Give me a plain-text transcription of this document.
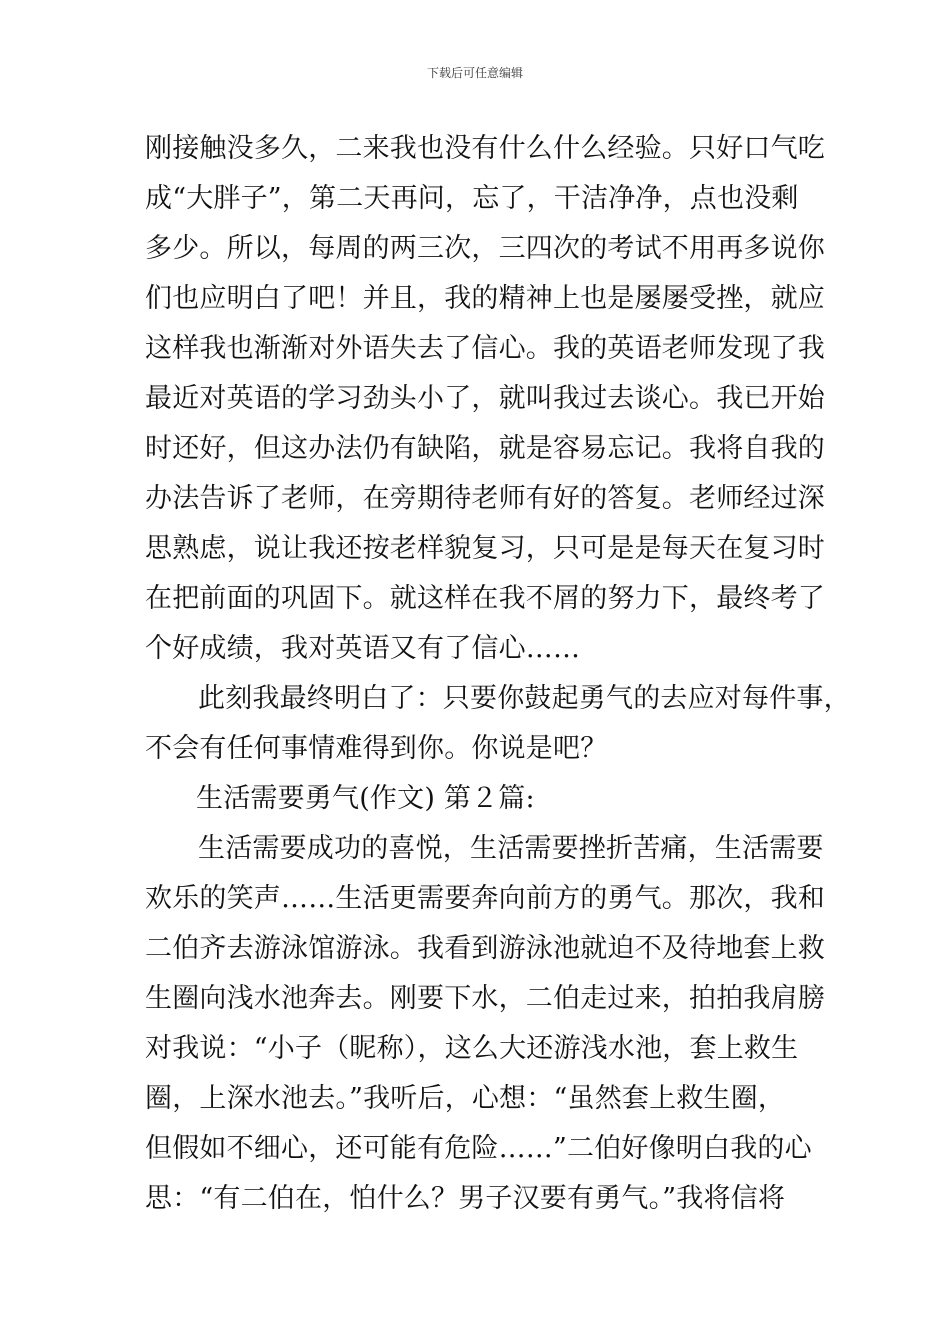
下载后可任意编辑
刚接触没多久，二来我也没有什么什么经验。只好口气吃
成“大胖子”，第二天再问，忘了，干洁净净，点也没剩
多少。所以，每周的两三次，三四次的考试不用再多说你
们也应明白了吧！并且，我的精神上也是屡屡受挫，就应
这样我也渐渐对外语失去了信心。我的英语老师发现了我
最近对英语的学习劲头小了，就叫我过去谈心。我已开始
时还好，但这办法仍有缺陷，就是容易忘记。我将自我的
办法告诉了老师，在旁期待老师有好的答复。老师经过深
思熟虑，说让我还按老样貌复习，只可是是每天在复习时
在把前面的巩固下。就这样在我不屑的努力下，最终考了
个好成绩，我对英语又有了信心……
此刻我最终明白了：只要你鼓起勇气的去应对每件事，
不会有任何事情难得到你。你说是吧？
生活需要勇气(作文) 第２篇:
生活需要成功的喜悦，生活需要挫折苦痛，生活需要
欢乐的笑声……生活更需要奔向前方的勇气。那次，我和
二伯齐去游泳馆游泳。我看到游泳池就迫不及待地套上救
生圈向浅水池奔去。刚要下水，二伯走过来，拍拍我肩膀
对我说：“小子（昵称），这么大还游浅水池，套上救生
圈，上深水池去。”我听后，心想：“虽然套上救生圈，
但假如不细心，还可能有危险……”二伯好像明白我的心
思：“有二伯在，怕什么？男子汉要有勇气。”我将信将
